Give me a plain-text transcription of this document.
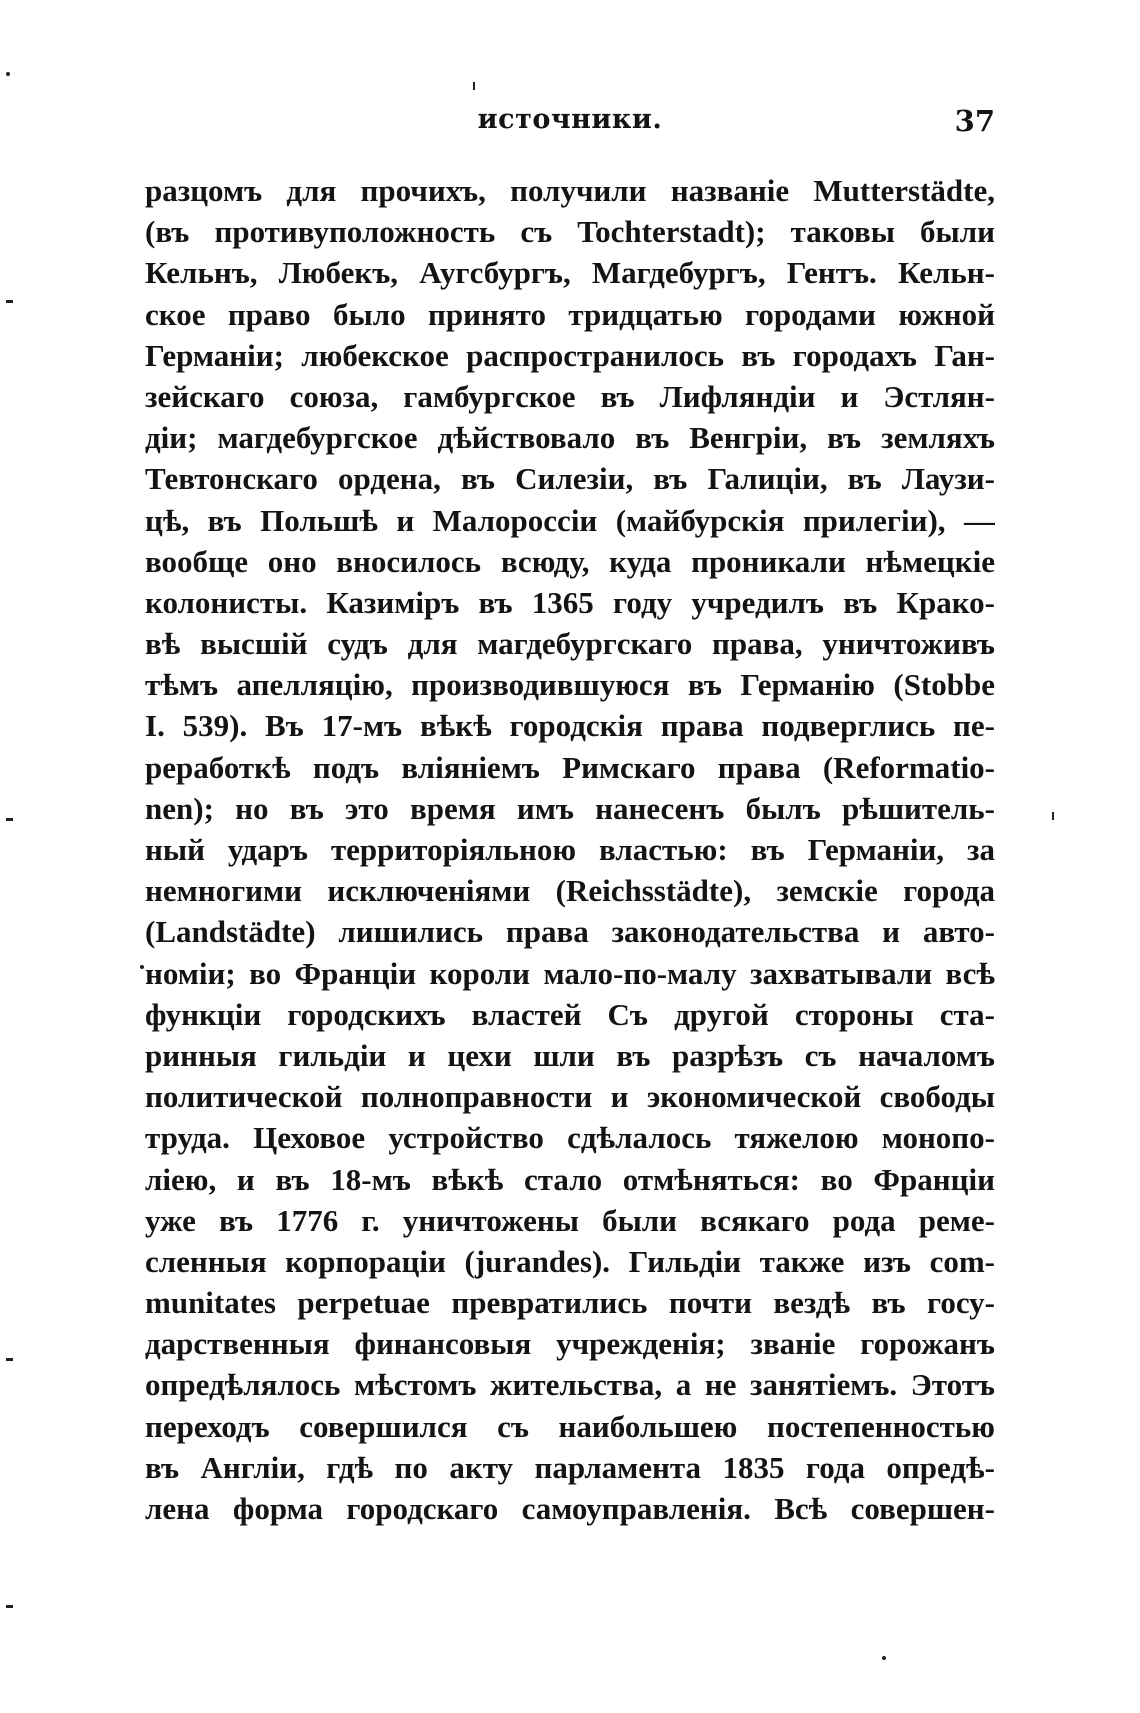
источники.	37
разцомъ для прочихъ, получили названіе Mutterstädte,
(въ противуположность съ Tochterstadt); таковы были
Кельнъ, Любекъ, Аугсбургъ, Магдебургъ, Гентъ. Кельн-
ское право было принято тридцатью городами южной
Германіи; любекское распространилось въ городахъ Ган-
зейскаго союза, гамбургское въ Лифляндіи и Эстлян-
діи; магдебургское дѣйствовало въ Венгріи, въ земляхъ
Тевтонскаго ордена, въ Силезіи, въ Галиціи, въ Лаузи-
цѣ, въ Польшѣ и Малороссіи (майбурскія прилегіи), —
вообще оно вносилось всюду, куда проникали нѣмецкіе
колонисты. Казиміръ въ 1365 году учредилъ въ Крако-
вѣ высшій судъ для магдебургскаго права, уничтоживъ
тѣмъ апелляцію, производившуюся въ Германію (Stobbe
I. 539). Въ 17-мъ вѣкѣ городскія права подверглись пе-
реработкѣ подъ вліяніемъ Римскаго права (Reformatio-
nen); но въ это время имъ нанесенъ былъ рѣшитель-
ный ударъ территоріяльною властью: въ Германіи, за
немногими исключеніями (Reichsstädte), земскіе города
(Landstädte) лишились права законодательства и авто-
номіи; во Франціи короли мало-по-малу захватывали всѣ
функціи городскихъ властей Съ другой стороны ста-
ринныя гильдіи и цехи шли въ разрѣзъ съ началомъ
политической полноправности и экономической свободы
труда. Цеховое устройство сдѣлалось тяжелою монопо-
ліею, и въ 18-мъ вѣкѣ стало отмѣняться: во Франціи
уже въ 1776 г. уничтожены были всякаго рода реме-
сленныя корпораціи (jurandes). Гильдіи также изъ com-
munitates perpetuae превратились почти вездѣ въ госу-
дарственныя финансовыя учрежденія; званіе горожанъ
опредѣлялось мѣстомъ жительства, а не занятіемъ. Этотъ
переходъ совершился съ наибольшею постепенностью
въ Англіи, гдѣ по акту парламента 1835 года опредѣ-
лена форма городскаго самоуправленія. Всѣ совершен-
